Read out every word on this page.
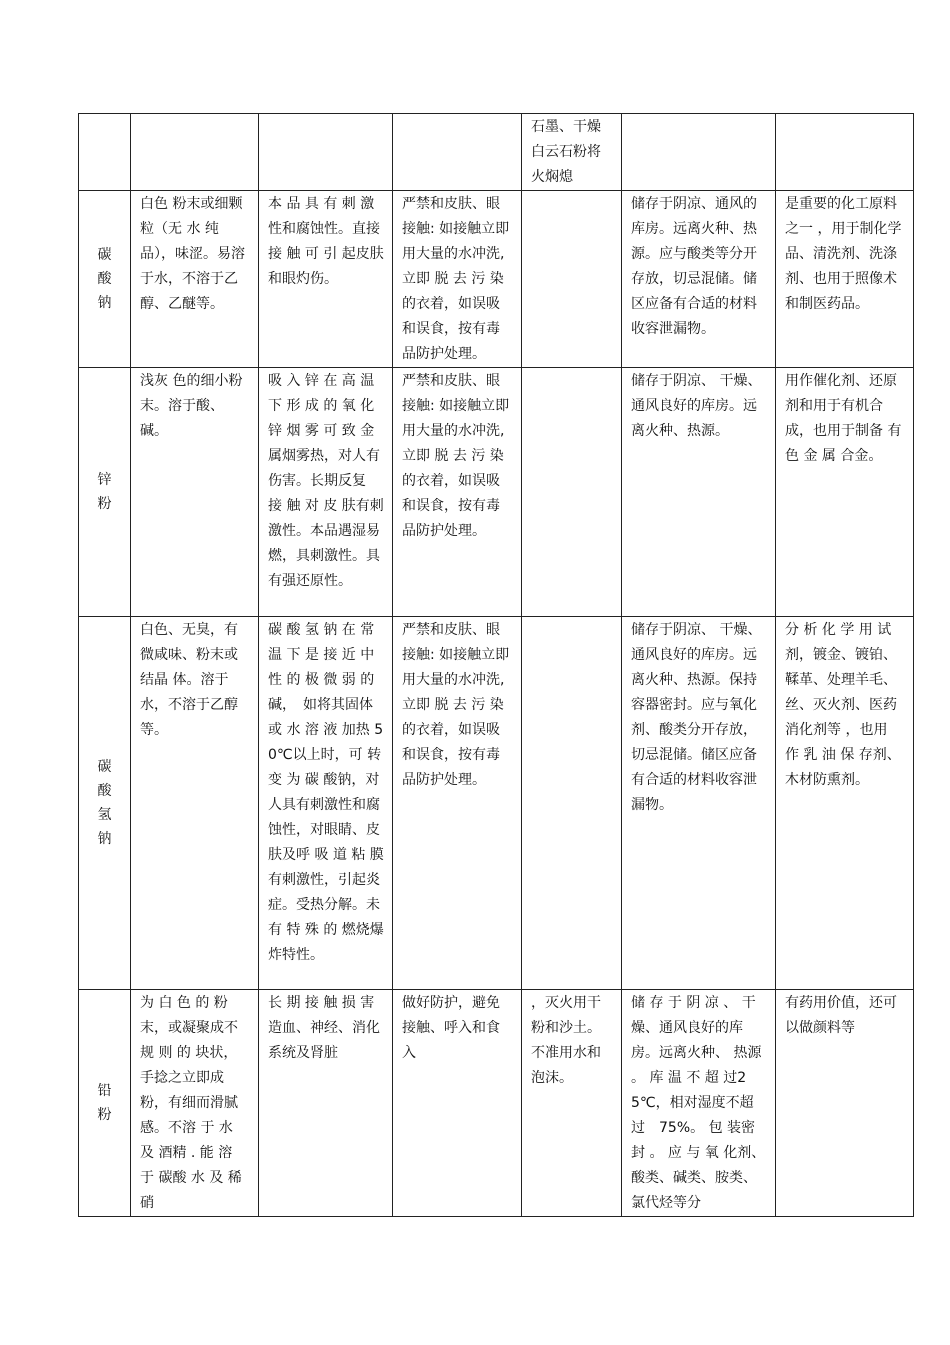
				石墨、干燥白云石粉将火焖熄		
碳酸钠	白色 粉末或细颗 粒（无 水 纯品），味涩。易溶于水，不溶于乙醇、乙醚等。	本 品 具 有 刺 激性和腐蚀性。直接 接 触 可 引 起皮肤和眼灼伤。	严禁和皮肤、眼接触: 如接触立即用大量的水冲洗, 立即 脱 去 污 染 的衣着，如误吸和误食，按有毒品防护处理。		储存于阴凉、通风的库房。远离火种、热源。应与酸类等分开存放，切忌混储。储区应备有合适的材料收容泄漏物。	是重要的化工原料之一 ，用于制化学品、清洗剂、洗涤剂、也用于照像术和制医药品。
锌粉	浅灰 色的细小粉末。溶于酸、碱。	吸 入 锌 在 高 温下 形 成 的 氧 化锌 烟 雾 可 致 金属烟雾热，对人有伤害。长期反复 接 触 对 皮 肤有刺激性。本品遇湿易燃，具刺激性。具有强还原性。	严禁和皮肤、眼接触: 如接触立即用大量的水冲洗, 立即 脱 去 污 染 的衣着，如误吸和误食，按有毒品防护处理。		储存于阴凉、 干燥、通风良好的库房。远离火种、热源。	用作催化剂、还原剂和用于有机合成，也用于制备 有 色 金 属 合金。
碳酸氢钠	白色、无臭，有微咸味、粉末或结晶 体。溶于水，不溶于乙醇等。	碳 酸 氢 钠 在 常温 下 是 接 近 中性 的 极 微 弱 的碱，　如将其固体 或 水 溶 液 加热 50℃以上时，可 转 变 为 碳 酸钠，对人具有刺激性和腐蚀性，对眼睛、皮肤及呼 吸 道 粘 膜 有刺激性，引起炎症。受热分解。未 有 特 殊 的 燃烧爆炸特性。	严禁和皮肤、眼接触: 如接触立即用大量的水冲洗, 立即 脱 去 污 染 的衣着，如误吸和误食，按有毒品防护处理。		储存于阴凉、 干燥、通风良好的库房。远离火种、热源。保持容器密封。应与氧化剂、酸类分开存放，切忌混储。储区应备有合适的材料收容泄漏物。	分 析 化 学 用 试剂，镀金、镀铂、鞣革、处理羊毛、丝、灭火剂、医药消化剂等 ，也用 作 乳 油 保 存剂、木材防熏剂。
铅粉	为 白 色 的 粉末，或凝聚成不 规 则 的 块状，手捻之立即成粉，有细而滑腻感。不溶 于 水 及 酒精 . 能 溶 于 碳酸 水 及 稀 硝	长 期 接 触 损 害造血、神经、消化系统及肾脏	做好防护，避免接触、呼入和食入	，灭火用干粉和沙土。不准用水和泡沫。	储 存 于 阴 凉 、 干燥、通风良好的库房。远离火种、 热源 。 库 温 不 超 过25℃，相对湿度不超 过　75%。 包 装密 封 。 应 与 氧 化剂、酸类、碱类、胺类、氯代烃等分	有药用价值，还可以做颜料等
